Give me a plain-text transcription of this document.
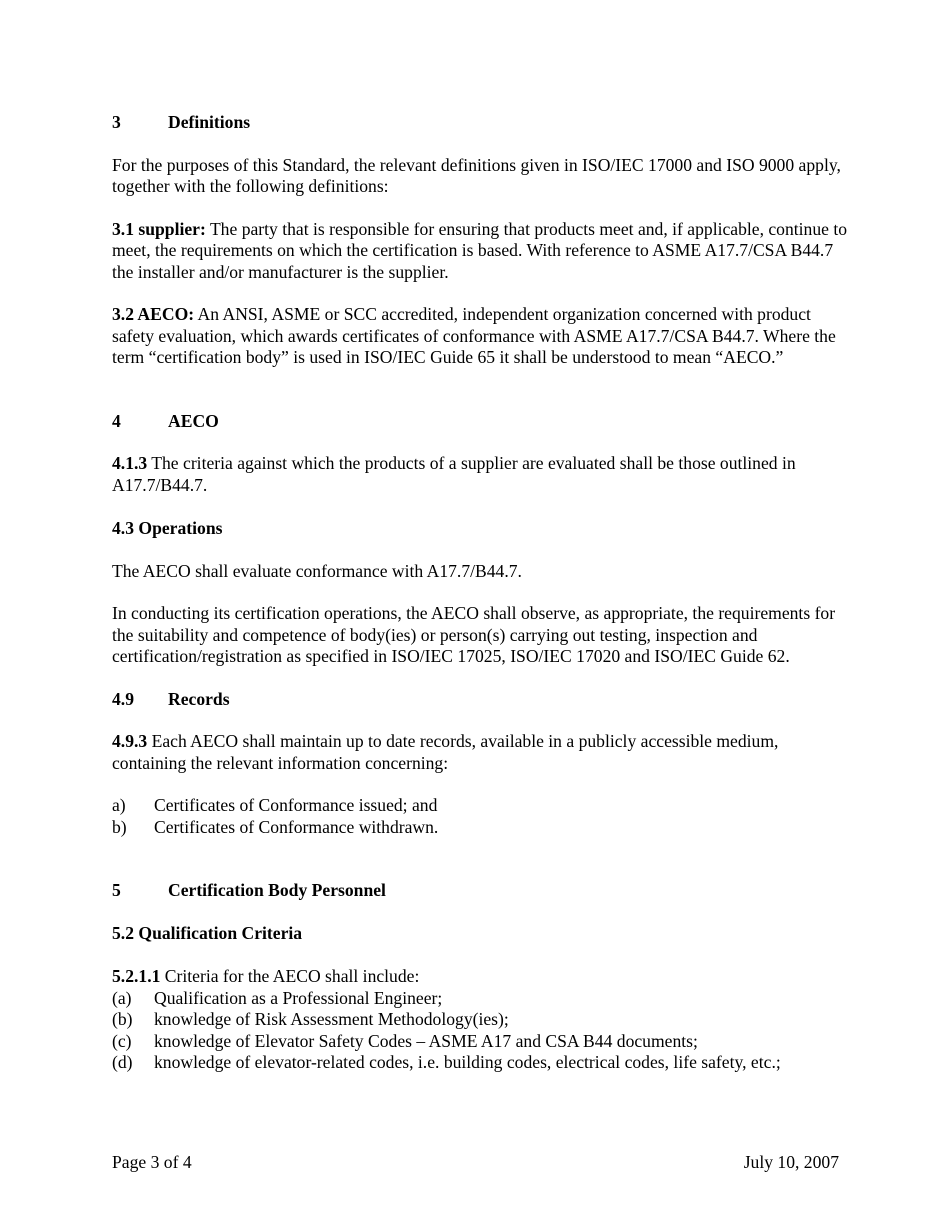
3	Definitions

For the purposes of this Standard, the relevant definitions given in ISO/IEC 17000 and ISO 9000 apply, together with the following definitions:

3.1 supplier: The party that is responsible for ensuring that products meet and, if applicable, continue to meet, the requirements on which the certification is based. With reference to ASME A17.7/CSA B44.7 the installer and/or manufacturer is the supplier.

3.2 AECO: An ANSI, ASME or SCC accredited, independent organization concerned with product safety evaluation, which awards certificates of conformance with ASME A17.7/CSA B44.7. Where the term “certification body” is used in ISO/IEC Guide 65 it shall be understood to mean “AECO.”

4	AECO

4.1.3 The criteria against which the products of a supplier are evaluated shall be those outlined in A17.7/B44.7.

4.3 Operations

The AECO shall evaluate conformance with A17.7/B44.7.

In conducting its certification operations, the AECO shall observe, as appropriate, the requirements for the suitability and competence of body(ies) or person(s) carrying out testing, inspection and certification/registration as specified in ISO/IEC 17025, ISO/IEC 17020 and ISO/IEC Guide 62.

4.9	Records

4.9.3 Each AECO shall maintain up to date records, available in a publicly accessible medium, containing the relevant information concerning:

a)	Certificates of Conformance issued; and
b)	Certificates of Conformance withdrawn.
5	Certification Body Personnel

5.2 Qualification Criteria

5.2.1.1 Criteria for the AECO shall include:

(a)	Qualification as a Professional Engineer;
(b)	knowledge of Risk Assessment Methodology(ies);
(c)	knowledge of Elevator Safety Codes – ASME A17 and CSA B44 documents;
(d)	knowledge of elevator-related codes, i.e. building codes, electrical codes, life safety, etc.;
Page 3 of 4	July 10, 2007
